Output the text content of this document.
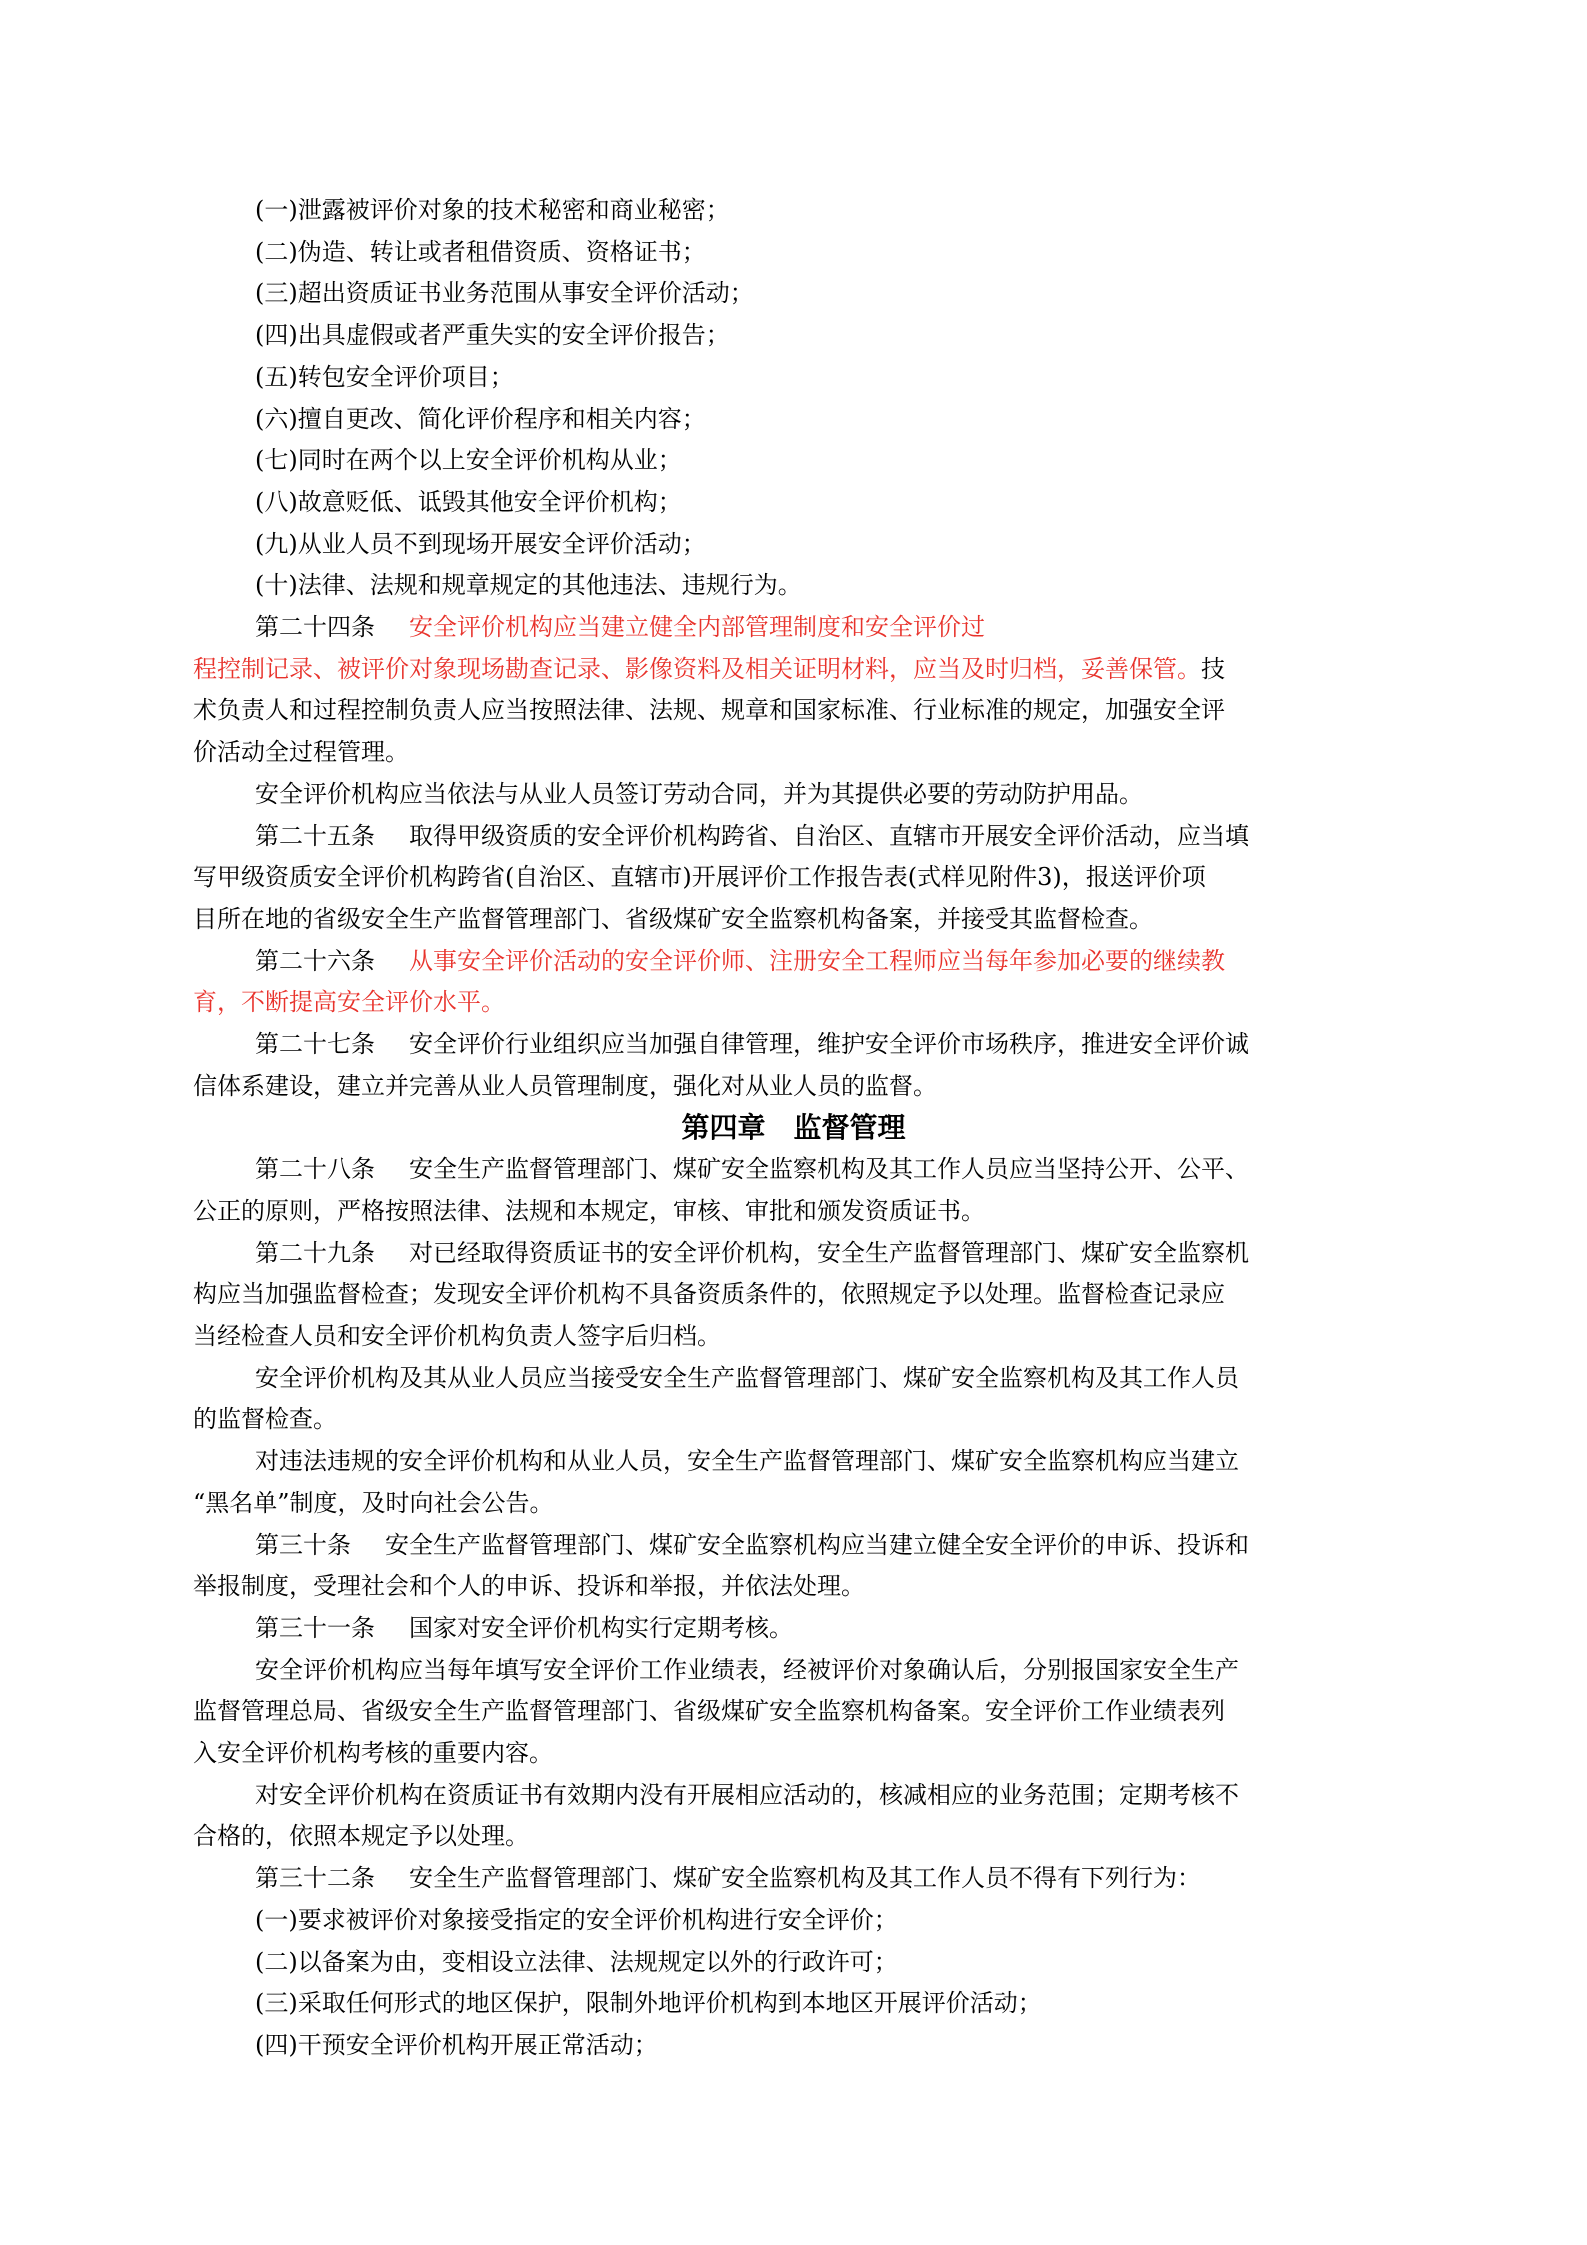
(一)泄露被评价对象的技术秘密和商业秘密；
(二)伪造、转让或者租借资质、资格证书；
(三)超出资质证书业务范围从事安全评价活动；
(四)出具虚假或者严重失实的安全评价报告；
(五)转包安全评价项目；
(六)擅自更改、简化评价程序和相关内容；
(七)同时在两个以上安全评价机构从业；
(八)故意贬低、诋毁其他安全评价机构；
(九)从业人员不到现场开展安全评价活动；
(十)法律、法规和规章规定的其他违法、违规行为。
第二十四条 安全评价机构应当建立健全内部管理制度和安全评价过
程控制记录、被评价对象现场勘查记录、影像资料及相关证明材料，应当及时归档，妥善保管。技
术负责人和过程控制负责人应当按照法律、法规、规章和国家标准、行业标准的规定，加强安全评
价活动全过程管理。
安全评价机构应当依法与从业人员签订劳动合同，并为其提供必要的劳动防护用品。
第二十五条 取得甲级资质的安全评价机构跨省、自治区、直辖市开展安全评价活动，应当填
写甲级资质安全评价机构跨省(自治区、直辖市)开展评价工作报告表(式样见附件3)，报送评价项
目所在地的省级安全生产监督管理部门、省级煤矿安全监察机构备案，并接受其监督检查。
第二十六条 从事安全评价活动的安全评价师、注册安全工程师应当每年参加必要的继续教
育，不断提高安全评价水平。
第二十七条 安全评价行业组织应当加强自律管理，维护安全评价市场秩序，推进安全评价诚
信体系建设，建立并完善从业人员管理制度，强化对从业人员的监督。
第四章 监督管理
第二十八条 安全生产监督管理部门、煤矿安全监察机构及其工作人员应当坚持公开、公平、
公正的原则，严格按照法律、法规和本规定，审核、审批和颁发资质证书。
第二十九条 对已经取得资质证书的安全评价机构，安全生产监督管理部门、煤矿安全监察机
构应当加强监督检查；发现安全评价机构不具备资质条件的，依照规定予以处理。监督检查记录应
当经检查人员和安全评价机构负责人签字后归档。
安全评价机构及其从业人员应当接受安全生产监督管理部门、煤矿安全监察机构及其工作人员
的监督检查。
对违法违规的安全评价机构和从业人员，安全生产监督管理部门、煤矿安全监察机构应当建立
“黑名单”制度，及时向社会公告。
第三十条 安全生产监督管理部门、煤矿安全监察机构应当建立健全安全评价的申诉、投诉和
举报制度，受理社会和个人的申诉、投诉和举报，并依法处理。
第三十一条 国家对安全评价机构实行定期考核。
安全评价机构应当每年填写安全评价工作业绩表，经被评价对象确认后，分别报国家安全生产
监督管理总局、省级安全生产监督管理部门、省级煤矿安全监察机构备案。安全评价工作业绩表列
入安全评价机构考核的重要内容。
对安全评价机构在资质证书有效期内没有开展相应活动的，核减相应的业务范围；定期考核不
合格的，依照本规定予以处理。
第三十二条 安全生产监督管理部门、煤矿安全监察机构及其工作人员不得有下列行为：
(一)要求被评价对象接受指定的安全评价机构进行安全评价；
(二)以备案为由，变相设立法律、法规规定以外的行政许可；
(三)采取任何形式的地区保护，限制外地评价机构到本地区开展评价活动；
(四)干预安全评价机构开展正常活动；
